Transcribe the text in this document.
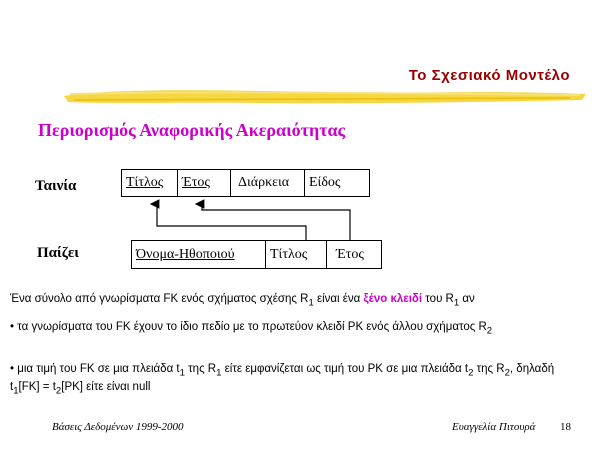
Το Σχεσιακό Μοντέλο
Περιορισμός Αναφορικής Ακεραιότητας
Ταινία	Τίτλος	Έτος	Διάρκεια	Είδος
Παίζει	Όνομα-Ηθοποιού	Τίτλος	Έτος
Ένα σύνολο από γνωρίσματα FK ενός σχήματος σχέσης $R_1$ είναι ένα ξένο κλειδί του $R_1$ αν
• τα γνωρίσματα του FK έχουν το ίδιο πεδίο με το πρωτεύον κλειδί PK ενός άλλου σχήματος $R_2$
• μια τιμή του FK σε μια πλειάδα $t_1$ της $R_1$ είτε εμφανίζεται ως τιμή του PK σε μια πλειάδα $t_2$ της $R_2$, δηλαδή $t_1[FK] = t_2[PK]$ είτε είναι null
Βάσεις Δεδομένων 1999-2000	Ευαγγελία Πιτουρά 18
